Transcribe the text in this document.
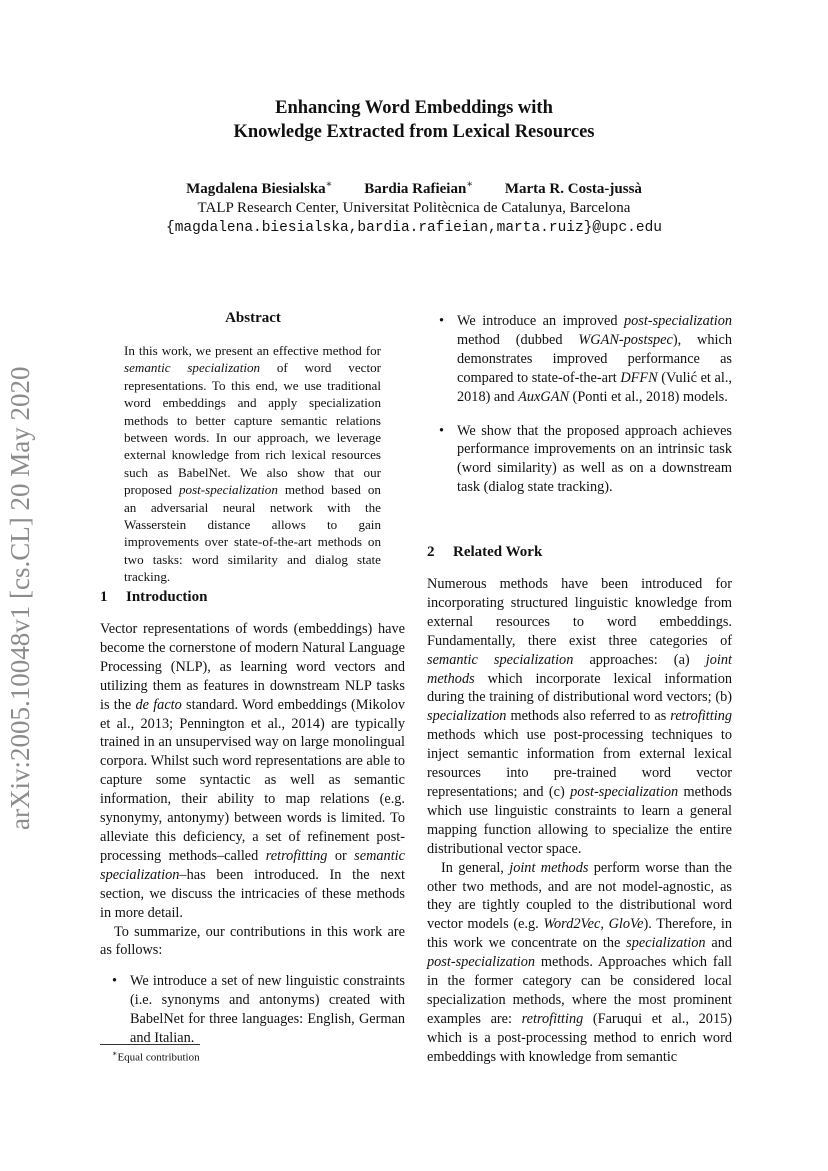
Enhancing Word Embeddings with
Knowledge Extracted from Lexical Resources
Magdalena Biesialska∗ Bardia Rafieian∗ Marta R. Costa-jussà
TALP Research Center, Universitat Politècnica de Catalunya, Barcelona
{magdalena.biesialska,bardia.rafieian,marta.ruiz}@upc.edu
arXiv:2005.10048v1 [cs.CL] 20 May 2020
Abstract
In this work, we present an effective method for semantic specialization of word vector representations. To this end, we use traditional word embeddings and apply specialization methods to better capture semantic relations between words. In our approach, we leverage external knowledge from rich lexical resources such as BabelNet. We also show that our proposed post-specialization method based on an adversarial neural network with the Wasserstein distance allows to gain improvements over state-of-the-art methods on two tasks: word similarity and dialog state tracking.
1 Introduction

Vector representations of words (embeddings) have become the cornerstone of modern Natural Language Processing (NLP), as learning word vectors and utilizing them as features in downstream NLP tasks is the de facto standard. Word embeddings (Mikolov et al., 2013; Pennington et al., 2014) are typically trained in an unsupervised way on large monolingual corpora. Whilst such word representations are able to capture some syntactic as well as semantic information, their ability to map relations (e.g. synonymy, antonymy) between words is limited. To alleviate this deficiency, a set of refinement post-processing methods–called retrofitting or semantic specialization–has been introduced. In the next section, we discuss the intricacies of these methods in more detail.

To summarize, our contributions in this work are as follows:

• We introduce a set of new linguistic constraints (i.e. synonyms and antonyms) created with BabelNet for three languages: English, German and Italian.
∗Equal contribution
• We introduce an improved post-specialization method (dubbed WGAN-postspec), which demonstrates improved performance as compared to state-of-the-art DFFN (Vulić et al., 2018) and AuxGAN (Ponti et al., 2018) models.
• We show that the proposed approach achieves performance improvements on an intrinsic task (word similarity) as well as on a downstream task (dialog state tracking).
2 Related Work

Numerous methods have been introduced for incorporating structured linguistic knowledge from external resources to word embeddings. Fundamentally, there exist three categories of semantic specialization approaches: (a) joint methods which incorporate lexical information during the training of distributional word vectors; (b) specialization methods also referred to as retrofitting methods which use post-processing techniques to inject semantic information from external lexical resources into pre-trained word vector representations; and (c) post-specialization methods which use linguistic constraints to learn a general mapping function allowing to specialize the entire distributional vector space.

In general, joint methods perform worse than the other two methods, and are not model-agnostic, as they are tightly coupled to the distributional word vector models (e.g. Word2Vec, GloVe). Therefore, in this work we concentrate on the specialization and post-specialization methods. Approaches which fall in the former category can be considered local specialization methods, where the most prominent examples are: retrofitting (Faruqui et al., 2015) which is a post-processing method to enrich word embeddings with knowledge from semantic
